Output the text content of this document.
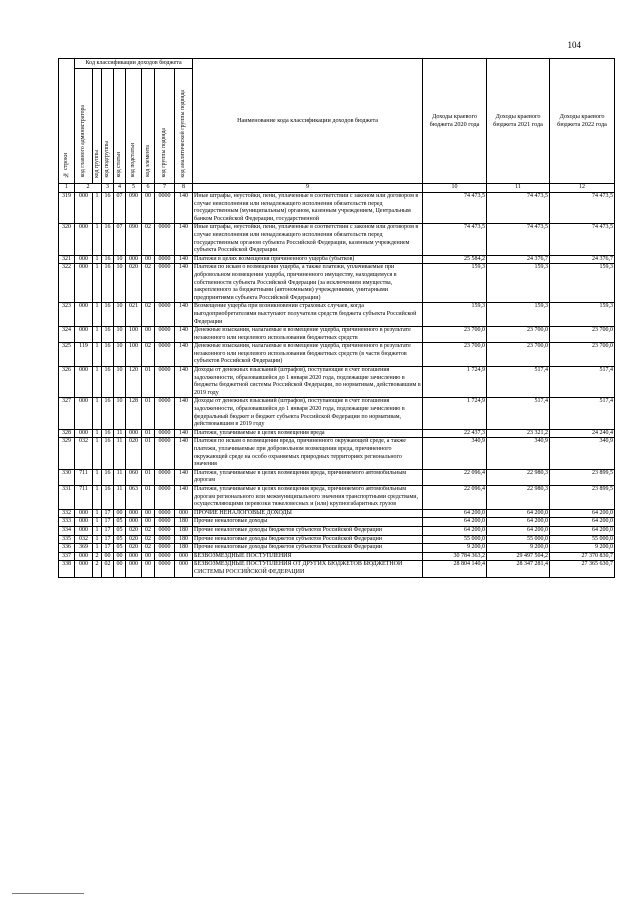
104
№ строки	Код классификации доходов бюджета								Наименование кода классификации доходов бюджета	Доходы краевого бюджета 2020 года	Доходы краевого бюджета 2021 года	Доходы краевого бюджета 2022 года
	код главного администратора	код группы	код подгруппы	код статьи	код подстатьи	код элемента	код группы подвида	код аналитической группы подвида				
1	2		3	4	5	6	7	8	9	10	11	12
319	000	1	16	07	090	00	0000	140	Иные штрафы, неустойки, пени, уплаченные в соответствии с законом или договором в случае неисполнения или ненадлежащего исполнения обязательств перед государственным (муниципальным) органом, казенным учреждением, Центральным банком Российской Федерации, государственной	74 473,5	74 473,5	74 473,5
320	000	1	16	07	090	02	0000	140	Иные штрафы, неустойки, пени, уплаченные в соответствии с законом или договором в случае неисполнения или ненадлежащего исполнения обязательств перед государственным органом субъекта Российской Федерации, казенным учреждением субъекта Российской Федерации	74 473,5	74 473,5	74 473,5
321	000	1	16	10	000	00	0000	140	Платежи в целях возмещения причиненного ущерба (убытков)	25 584,2	24 376,7	24 376,7
322	000	1	16	10	020	02	0000	140	Платежи по искам о возмещении ущерба, а также платежи, уплачиваемые при добровольном возмещении ущерба, причиненного имуществу, находящемуся в собственности субъекта Российской Федерации (за исключением имущества, закрепленного за бюджетными (автономными) учреждениями, унитарными предприятиями субъекта Российской Федерации)	159,3	159,3	159,3
323	000	1	16	10	021	02	0000	140	Возмещение ущерба при возникновении страховых случаев, когда выгодоприобретателями выступают получатели средств бюджета субъекта Российской Федерации	159,3	159,3	159,3
324	000	1	16	10	100	00	0000	140	Денежные взыскания, налагаемые в возмещение ущерба, причиненного в результате незаконного или нецелевого использования бюджетных средств	23 700,0	23 700,0	23 700,0
325	119	1	16	10	100	02	0000	140	Денежные взыскания, налагаемые в возмещение ущерба, причиненного в результате незаконного или нецелевого использования бюджетных средств (в части бюджетов субъектов Российской Федерации)	23 700,0	23 700,0	23 700,0
326	000	1	16	10	120	01	0000	140	Доходы от денежных взысканий (штрафов), поступающие в счет погашения задолженности, образовавшейся до 1 января 2020 года, подлежащие зачислению в бюджеты бюджетной системы Российской Федерации, по нормативам, действовавшим в 2019 году	1 724,9	517,4	517,4
327	000	1	16	10	128	01	0000	140	Доходы от денежных взысканий (штрафов), поступающие в счет погашения задолженности, образовавшейся до 1 января 2020 года, подлежащие зачислению в федеральный бюджет и бюджет субъекта Российской Федерации по нормативам, действовавшим в 2019 году	1 724,9	517,4	517,4
328	000	1	16	11	000	01	0000	140	Платежи, уплачиваемые в целях возмещения вреда	22 437,3	23 321,2	24 240,4
329	032	1	16	11	020	01	0000	140	Платежи по искам о возмещении вреда, причиненного окружающей среде, а также платежи, уплачиваемые при добровольном возмещении вреда, причиненного окружающей среде на особо охраняемых природных территориях регионального значения	340,9	340,9	340,9
330	711	1	16	11	060	01	0000	140	Платежи, уплачиваемые в целях возмещения вреда, причиняемого автомобильным дорогам	22 096,4	22 980,3	23 899,5
331	711	1	16	11	063	01	0000	140	Платежи, уплачиваемые в целях возмещения вреда, причиняемого автомобильным дорогам регионального или межмуниципального значения транспортными средствами, осуществляющими перевозки тяжеловесных и (или) крупногабаритных грузов	22 096,4	22 980,3	23 899,5
332	000	1	17	00	000	00	0000	000	ПРОЧИЕ НЕНАЛОГОВЫЕ ДОХОДЫ	64 200,0	64 200,0	64 200,0
333	000	1	17	05	000	00	0000	180	Прочие неналоговые доходы	64 200,0	64 200,0	64 200,0
334	000	1	17	05	020	02	0000	180	Прочие неналоговые доходы бюджетов субъектов Российской Федерации	64 200,0	64 200,0	64 200,0
335	032	1	17	05	020	02	0000	180	Прочие неналоговые доходы бюджетов субъектов Российской Федерации	55 000,0	55 000,0	55 000,0
336	369	1	17	05	020	02	0000	180	Прочие неналоговые доходы бюджетов субъектов Российской Федерации	9 200,0	9 200,0	9 200,0
337	000	2	00	00	000	00	0000	000	БЕЗВОЗМЕЗДНЫЕ ПОСТУПЛЕНИЯ	30 784 363,2	29 497 504,2	27 370 830,7
338	000	2	02	00	000	00	0000	000	БЕЗВОЗМЕЗДНЫЕ ПОСТУПЛЕНИЯ ОТ ДРУГИХ БЮДЖЕТОВ БЮДЖЕТНОЙ СИСТЕМЫ РОССИЙСКОЙ ФЕДЕРАЦИИ	28 804 140,4	28 347 281,4	27 365 630,7
